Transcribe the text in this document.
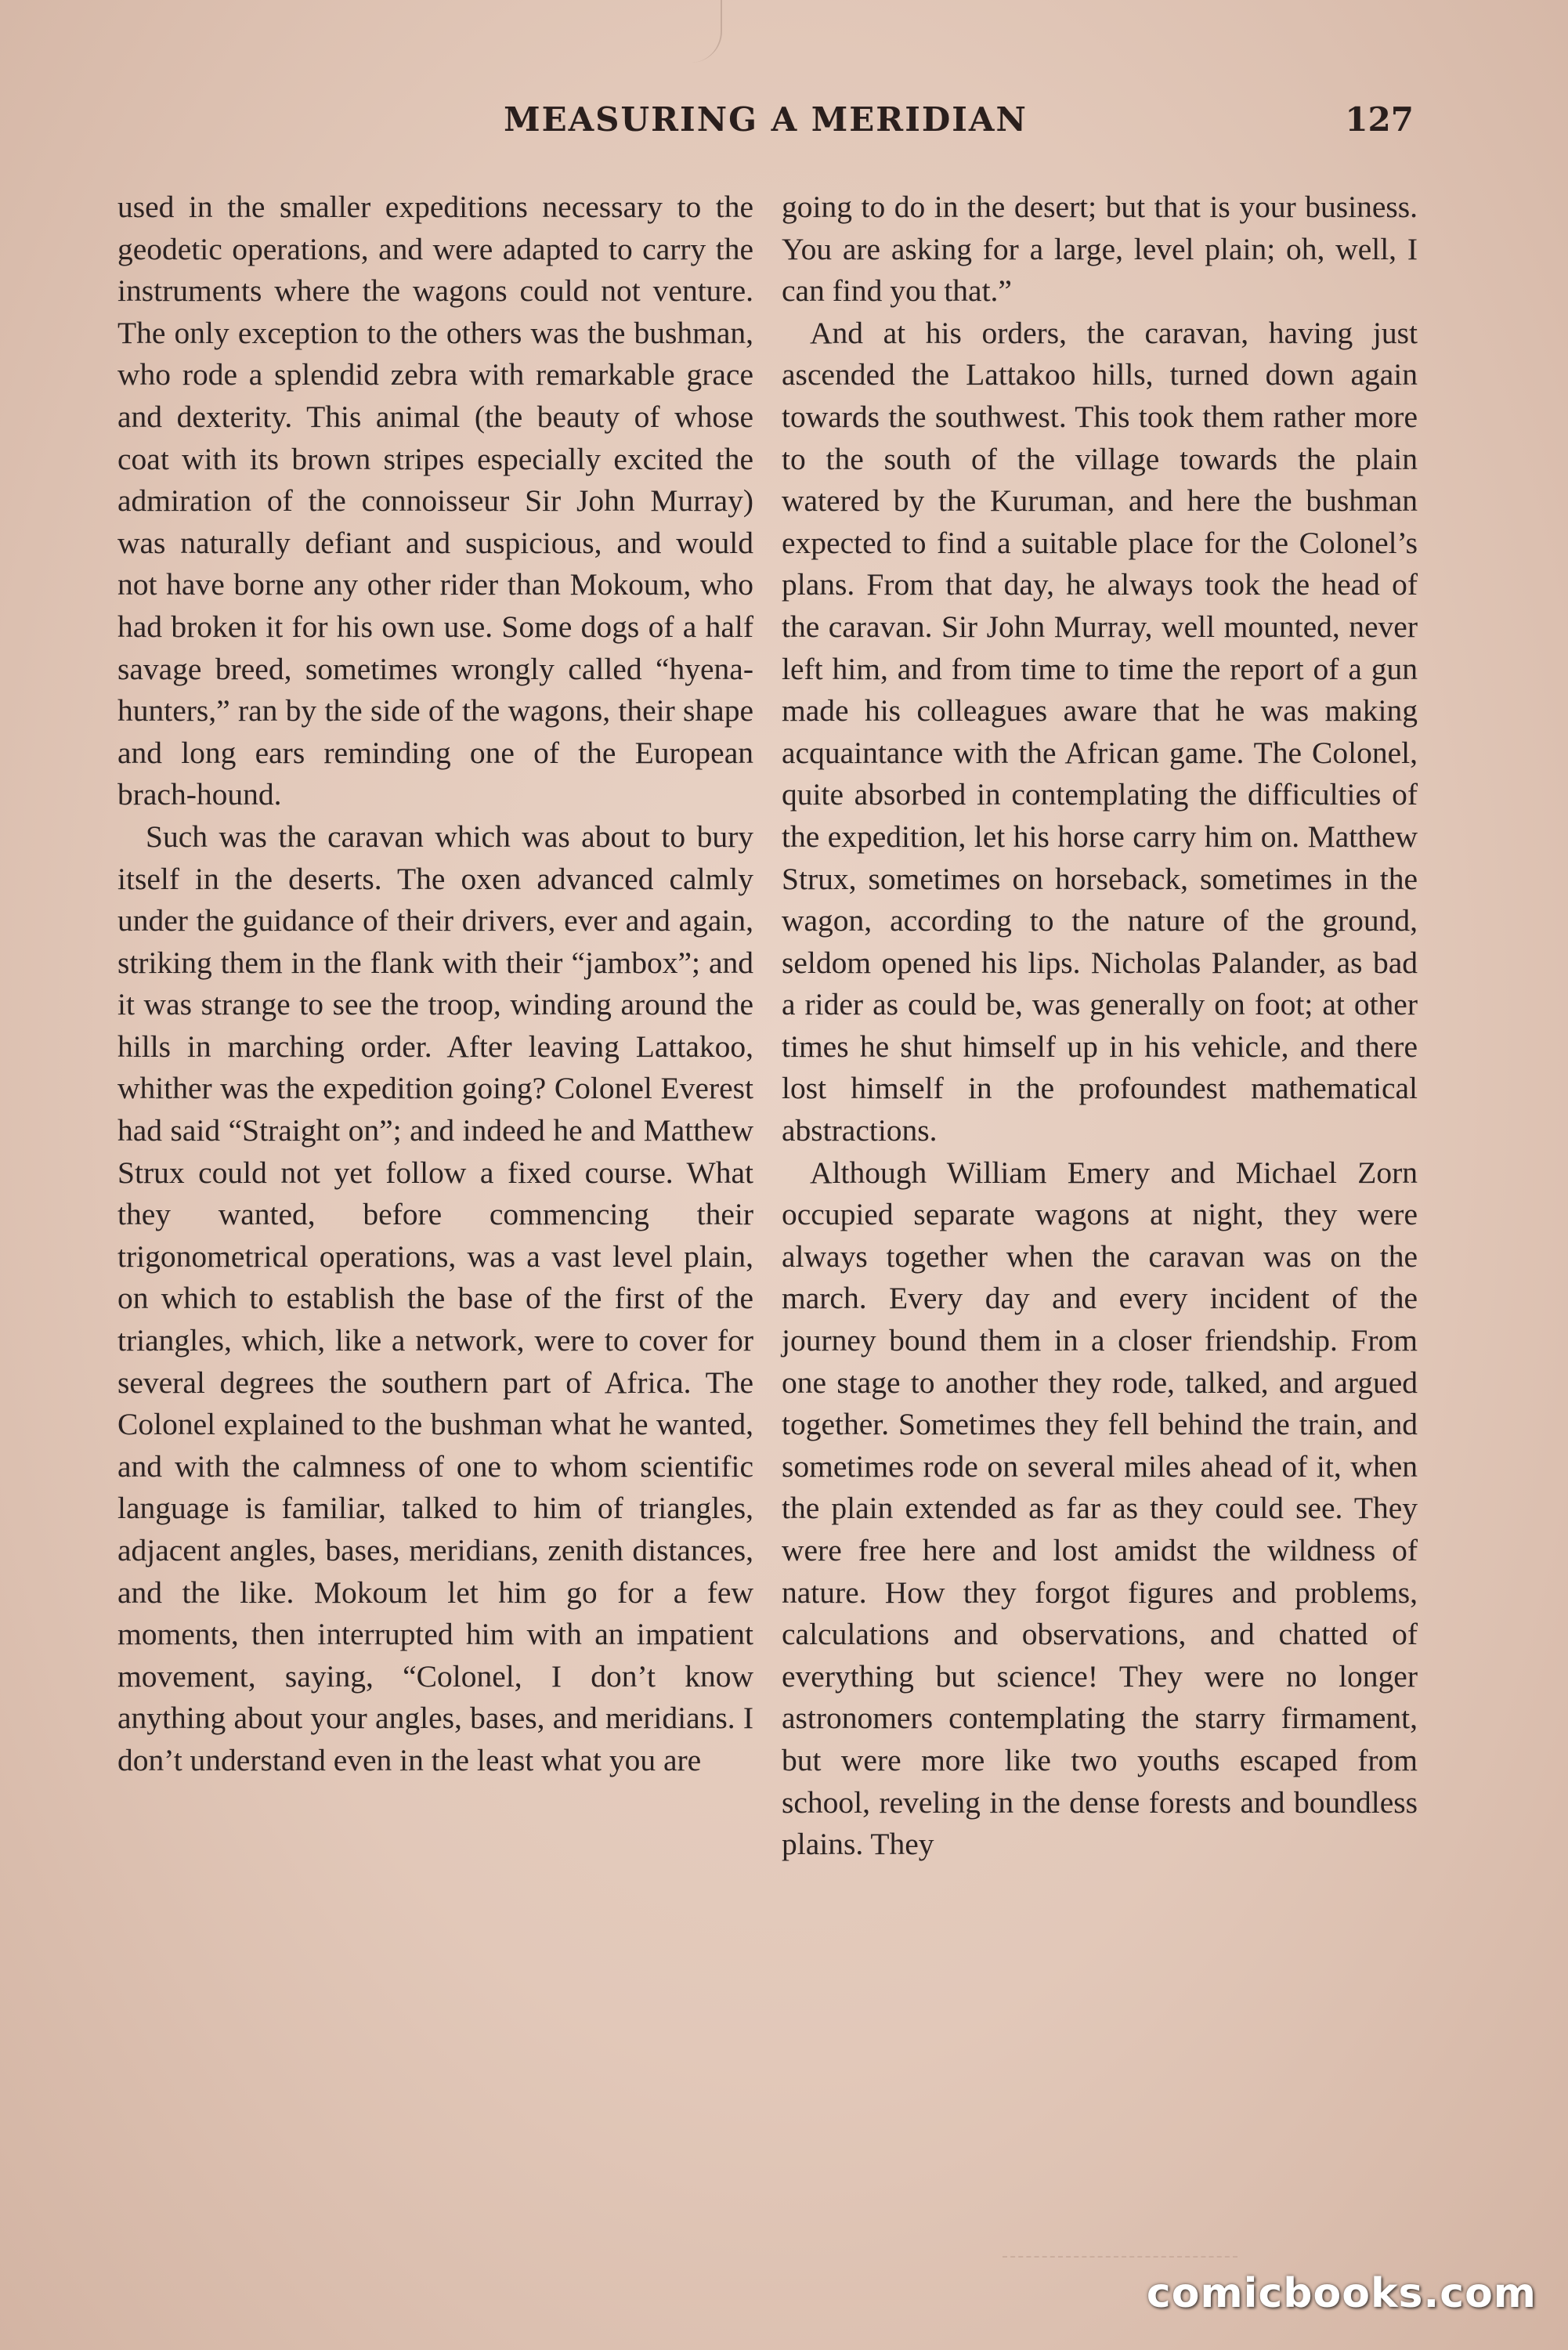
MEASURING A MERIDIAN	127

used in the smaller expeditions necessary to the geodetic operations, and were adapted to carry the instruments where the wagons could not venture. The only exception to the others was the bushman, who rode a splendid zebra with remarkable grace and dexterity. This animal (the beauty of whose coat with its brown stripes especially excited the admiration of the connoisseur Sir John Murray) was naturally defiant and suspicious, and would not have borne any other rider than Mokoum, who had broken it for his own use. Some dogs of a half savage breed, sometimes wrongly called “hyena-hunters,” ran by the side of the wagons, their shape and long ears reminding one of the European brach-hound.

Such was the caravan which was about to bury itself in the deserts. The oxen advanced calmly under the guidance of their drivers, ever and again, striking them in the flank with their “jambox”; and it was strange to see the troop, winding around the hills in marching order. After leaving Lattakoo, whither was the expedition going? Colonel Everest had said “Straight on”; and indeed he and Matthew Strux could not yet follow a fixed course. What they wanted, before commencing their trigonometrical operations, was a vast level plain, on which to establish the base of the first of the triangles, which, like a network, were to cover for several degrees the southern part of Africa. The Colonel explained to the bushman what he wanted, and with the calmness of one to whom scientific language is familiar, talked to him of triangles, adjacent angles, bases, meridians, zenith distances, and the like. Mokoum let him go for a few moments, then interrupted him with an impatient movement, saying, “Colonel, I don’t know anything about your angles, bases, and meridians. I don’t understand even in the least what you are

going to do in the desert; but that is your business. You are asking for a large, level plain; oh, well, I can find you that.”

And at his orders, the caravan, having just ascended the Lattakoo hills, turned down again towards the southwest. This took them rather more to the south of the village towards the plain watered by the Kuruman, and here the bushman expected to find a suitable place for the Colonel’s plans. From that day, he always took the head of the caravan. Sir John Murray, well mounted, never left him, and from time to time the report of a gun made his colleagues aware that he was making acquaintance with the African game. The Colonel, quite absorbed in contemplating the difficulties of the expedition, let his horse carry him on. Matthew Strux, sometimes on horseback, sometimes in the wagon, according to the nature of the ground, seldom opened his lips. Nicholas Palander, as bad a rider as could be, was generally on foot; at other times he shut himself up in his vehicle, and there lost himself in the profoundest mathematical abstractions.

Although William Emery and Michael Zorn occupied separate wagons at night, they were always together when the caravan was on the march. Every day and every incident of the journey bound them in a closer friendship. From one stage to another they rode, talked, and argued together. Sometimes they fell behind the train, and sometimes rode on several miles ahead of it, when the plain extended as far as they could see. They were free here and lost amidst the wildness of nature. How they forgot figures and problems, calculations and observations, and chatted of everything but science! They were no longer astronomers contemplating the starry firmament, but were more like two youths escaped from school, reveling in the dense forests and boundless plains. They

comicbooks.com
